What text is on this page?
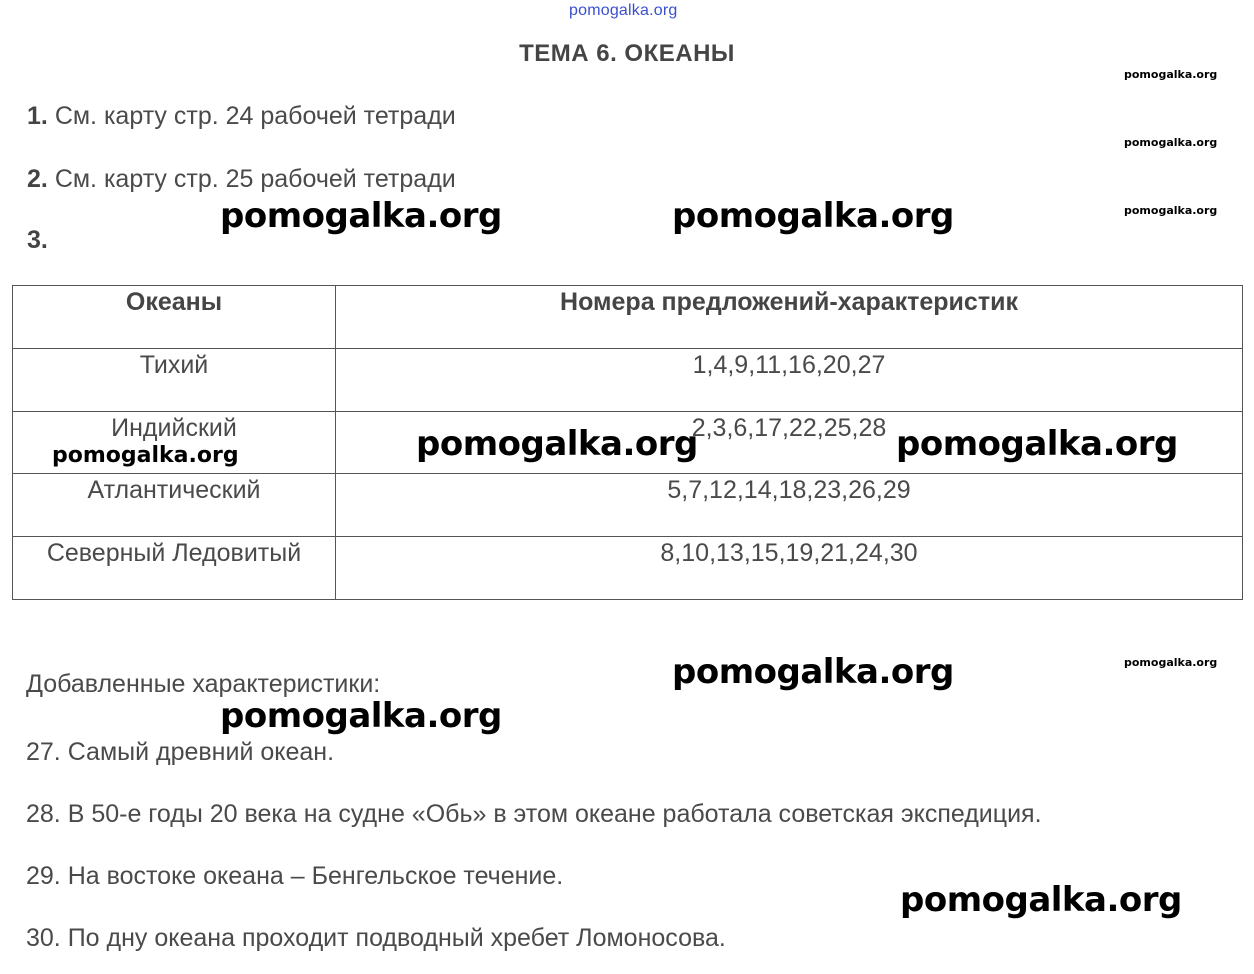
pomogalka.org
ТЕМА 6. ОКЕАНЫ
1. См. карту стр. 24 рабочей тетради
2. См. карту стр. 25 рабочей тетради
3.
Океаны	Номера предложений-характеристик
Тихий	1,4,9,11,16,20,27
Индийский	2,3,6,17,22,25,28
Атлантический	5,7,12,14,18,23,26,29
Северный Ледовитый	8,10,13,15,19,21,24,30
Добавленные характеристики:
27. Самый древний океан.
28. В 50-е годы 20 века на судне «Обь» в этом океане работала советская экспедиция.
29. На востоке океана – Бенгельское течение.
30. По дну океана проходит подводный хребет Ломоносова.
pomogalka.org
pomogalka.org
pomogalka.org
pomogalka.org
pomogalka.org	pomogalka.org
pomogalka.org	pomogalka.org
pomogalka.org
pomogalka.org
pomogalka.org
pomogalka.org
